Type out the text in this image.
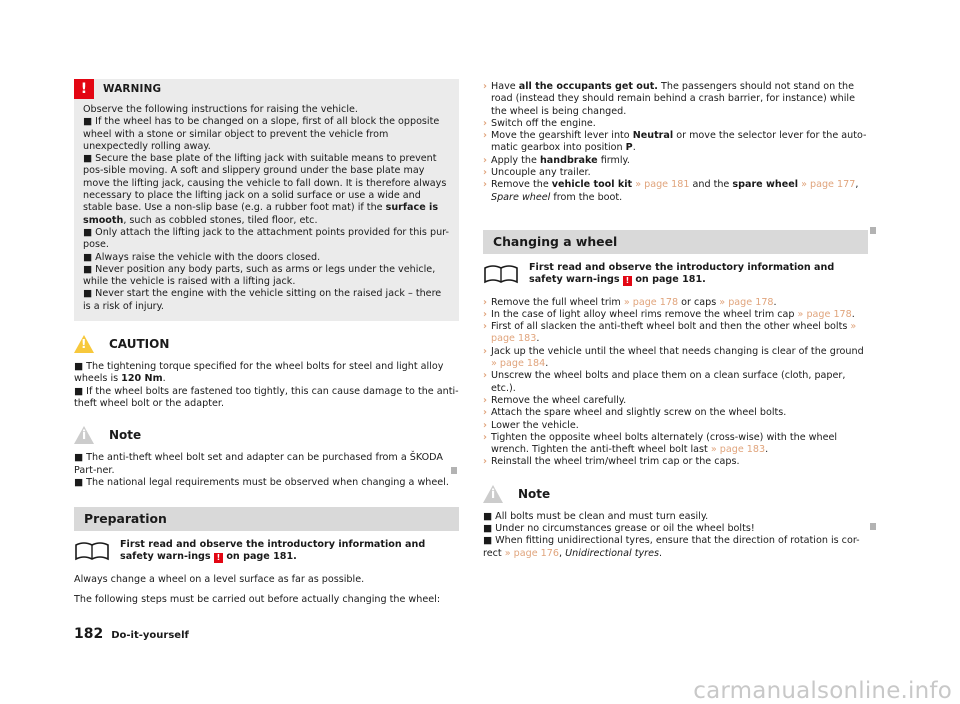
!	WARNING

Observe the following instructions for raising the vehicle.

■ If the wheel has to be changed on a slope, first of all block the opposite wheel with a stone or similar object to prevent the vehicle from unexpectedly rolling away.

■ Secure the base plate of the lifting jack with suitable means to prevent pos-sible moving. A soft and slippery ground under the base plate may move the lifting jack, causing the vehicle to fall down. It is therefore always necessary to place the lifting jack on a solid surface or use a wide and stable base. Use a non-slip base (e.g. a rubber foot mat) if the surface is smooth, such as cobbled stones, tiled floor, etc.

■ Only attach the lifting jack to the attachment points provided for this pur-pose.

■ Always raise the vehicle with the doors closed.

■ Never position any body parts, such as arms or legs under the vehicle, while the vehicle is raised with a lifting jack.

■ Never start the engine with the vehicle sitting on the raised jack – there is a risk of injury.

! CAUTION

■ The tightening torque specified for the wheel bolts for steel and light alloy wheels is 120 Nm.

■ If the wheel bolts are fastened too tightly, this can cause damage to the anti-theft wheel bolt or the adapter.

i Note

■ The anti-theft wheel bolt set and adapter can be purchased from a ŠKODA Part-ner.

■ The national legal requirements must be observed when changing a wheel.

Preparation
First read and observe the introductory information and safety warn-ings ! on page 181.

Always change a wheel on a level surface as far as possible.

The following steps must be carried out before actually changing the wheel:

› Have all the occupants get out. The passengers should not stand on the road (instead they should remain behind a crash barrier, for instance) while the wheel is being changed.
› Switch off the engine.
› Move the gearshift lever into Neutral or move the selector lever for the auto-matic gearbox into position P.
› Apply the handbrake firmly.
› Uncouple any trailer.
› Remove the vehicle tool kit » page 181 and the spare wheel » page 177, Spare wheel from the boot.
Changing a wheel
First read and observe the introductory information and safety warn-ings ! on page 181.
› Remove the full wheel trim » page 178 or caps » page 178.
› In the case of light alloy wheel rims remove the wheel trim cap » page 178.
› First of all slacken the anti-theft wheel bolt and then the other wheel bolts » page 183.
› Jack up the vehicle until the wheel that needs changing is clear of the ground » page 184.
› Unscrew the wheel bolts and place them on a clean surface (cloth, paper, etc.).
› Remove the wheel carefully.
› Attach the spare wheel and slightly screw on the wheel bolts.
› Lower the vehicle.
› Tighten the opposite wheel bolts alternately (cross-wise) with the wheel wrench. Tighten the anti-theft wheel bolt last » page 183.
› Reinstall the wheel trim/wheel trim cap or the caps.
i Note

■ All bolts must be clean and must turn easily.

■ Under no circumstances grease or oil the wheel bolts!

■ When fitting unidirectional tyres, ensure that the direction of rotation is cor-rect » page 176, Unidirectional tyres.

182 Do-it-yourself
carmanualsonline.info
